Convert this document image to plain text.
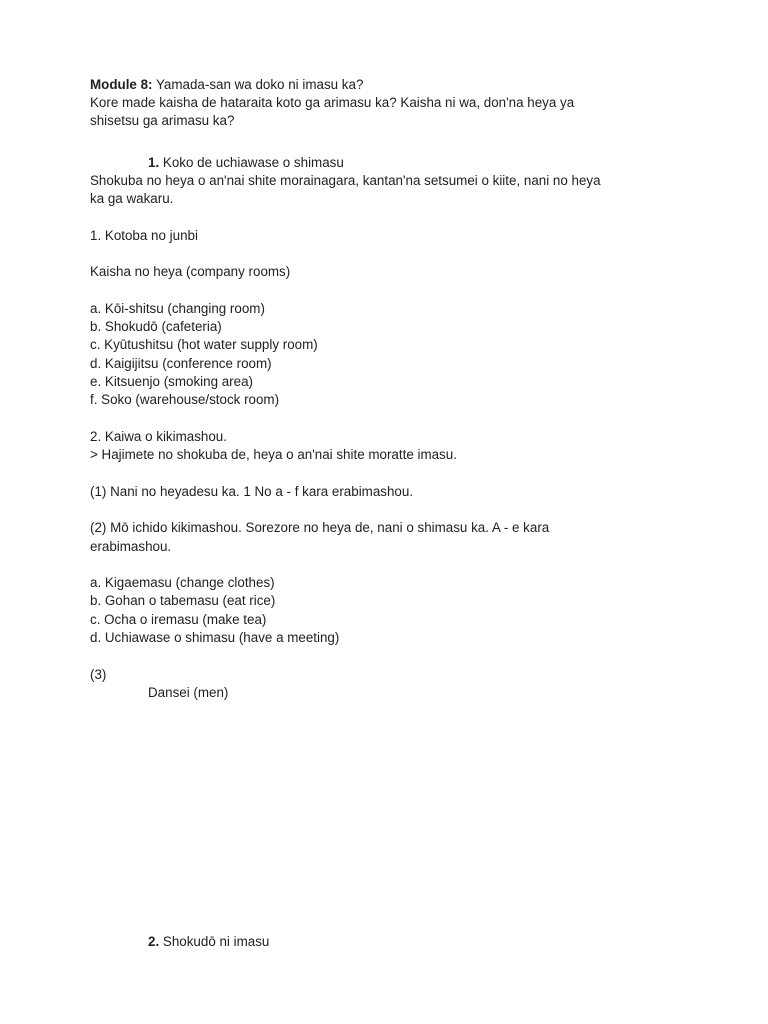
Module 8: Yamada-san wa doko ni imasu ka?
Kore made kaisha de hataraita koto ga arimasu ka? Kaisha ni wa, don'na heya ya
shisetsu ga arimasu ka?
1. Koko de uchiawase o shimasu
Shokuba no heya o an'nai shite morainagara, kantan'na setsumei o kiite, nani no heya
ka ga wakaru.
1. Kotoba no junbi
Kaisha no heya (company rooms)
a. Kōi-shitsu (changing room)
b. Shokudō (cafeteria)
c. Kyūtushitsu (hot water supply room)
d. Kaigijitsu (conference room)
e. Kitsuenjo (smoking area)
f. Soko (warehouse/stock room)
2. Kaiwa o kikimashou.
> Hajimete no shokuba de, heya o an'nai shite moratte imasu.
(1) Nani no heyadesu ka. 1 No a - f kara erabimashou.
(2) Mō ichido kikimashou. Sorezore no heya de, nani o shimasu ka. A - e kara
erabimashou.
a. Kigaemasu (change clothes)
b. Gohan o tabemasu (eat rice)
c. Ocha o iremasu (make tea)
d. Uchiawase o shimasu (have a meeting)
(3)
Dansei (men)
2. Shokudō ni imasu
